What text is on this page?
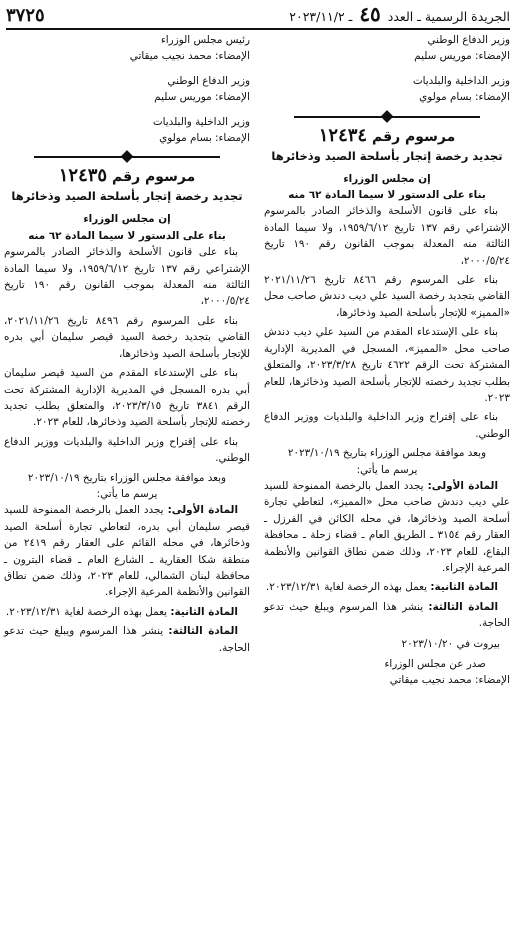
الجريدة الرسمية ـ العدد ٤٥ ـ ٢٠٢٣/١١/٢
٣٧٢٥
وزير الدفاع الوطني
الإمضاء: موريس سليم
وزير الداخلية والبلديات
الإمضاء: بسام مولوي
مرسوم رقم ١٢٤٣٤
تجديد رخصة إتجار بأسلحة الصيد وذخائرها
إن مجلس الوزراء
بناء على الدستور لا سيما المادة ٦٢ منه

بناء على قانون الأسلحة والذخائر الصادر بالمرسوم الإشتراعي رقم ١٣٧ تاريخ ١٩٥٩/٦/١٢، ولا سيما المادة الثالثة منه المعدلة بموجب القانون رقم ١٩٠ تاريخ ٢٠٠٠/٥/٢٤،

بناء على المرسوم رقم ٨٤٦٦ تاريخ ٢٠٢١/١١/٢٦ القاضي بتجديد رخصة السيد علي ديب دندش صاحب محل «المميز» للإتجار بأسلحة الصيد وذخائرها،

بناء على الإستدعاء المقدم من السيد علي ديب دندش صاحب محل «المميز»، المسجل في المديرية الإدارية المشتركة تحت الرقم ٤٦٢٢ تاريخ ٢٠٢٣/٣/٢٨، والمتعلق بطلب تجديد رخصته للإتجار بأسلحة الصيد وذخائرها، للعام ٢٠٢٣.

بناء على إقتراح وزير الداخلية والبلديات ووزير الدفاع الوطني.

وبعد موافقة مجلس الوزراء بتاريخ ٢٠٢٣/١٠/١٩
يرسم ما يأتي:

المادة الأولى: يجدد العمل بالرخصة الممنوحة للسيد علي ديب دندش صاحب محل «المميز»، لتعاطي تجارة أسلحة الصيد وذخائرها، في محله الكائن في الفرزل ـ العقار رقم ٣١٥٤ ـ الطريق العام ـ قضاء زحلة ـ محافظة البقاع، للعام ٢٠٢٣، وذلك ضمن نطاق القوانين والأنظمة المرعية الإجراء.

المادة الثانية: يعمل بهذه الرخصة لغاية ٢٠٢٣/١٢/٣١.

المادة الثالثة: ينشر هذا المرسوم ويبلغ حيث تدعو الحاجة.

بيروت في ٢٠٢٣/١٠/٢٠
صدر عن مجلس الوزراء
الإمضاء: محمد نجيب ميقاتي
رئيس مجلس الوزراء
الإمضاء: محمد نجيب ميقاتي
وزير الدفاع الوطني
الإمضاء: موريس سليم
وزير الداخلية والبلديات
الإمضاء: بسام مولوي
مرسوم رقم ١٢٤٣٥
تجديد رخصة إتجار بأسلحة الصيد وذخائرها
إن مجلس الوزراء
بناء على الدستور لا سيما المادة ٦٢ منه

بناء على قانون الأسلحة والذخائر الصادر بالمرسوم الإشتراعي رقم ١٣٧ تاريخ ١٩٥٩/٦/١٢، ولا سيما المادة الثالثة منه المعدلة بموجب القانون رقم ١٩٠ تاريخ ٢٠٠٠/٥/٢٤،

بناء على المرسوم رقم ٨٤٩٦ تاريخ ٢٠٢١/١١/٢٦، القاضي بتجديد رخصة السيد قيصر سليمان أبي بدره للإتجار بأسلحة الصيد وذخائرها،

بناء على الإستدعاء المقدم من السيد قيصر سليمان أبي بدره المسجل في المديرية الإدارية المشتركة تحت الرقم ٣٨٤١ تاريخ ٢٠٢٣/٣/١٥، والمتعلق بطلب تجديد رخصته للإتجار بأسلحة الصيد وذخائرها، للعام ٢٠٢٣.

بناء على إقتراح وزير الداخلية والبلديات ووزير الدفاع الوطني.

وبعد موافقة مجلس الوزراء بتاريخ ٢٠٢٣/١٠/١٩
يرسم ما يأتي:

المادة الأولى: يجدد العمل بالرخصة الممنوحة للسيد قيصر سليمان أبي بدره، لتعاطي تجارة أسلحة الصيد وذخائرها، في محله القائم على العقار رقم ٢٤١٩ من منطقة شكا العقارية ـ الشارع العام ـ قضاء البترون ـ محافظة لبنان الشمالي، للعام ٢٠٢٣، وذلك ضمن نطاق القوانين والأنظمة المرعية الإجراء.

المادة الثانية: يعمل بهذه الرخصة لغاية ٢٠٢٣/١٢/٣١.

المادة الثالثة: ينشر هذا المرسوم ويبلغ حيث تدعو الحاجة.
